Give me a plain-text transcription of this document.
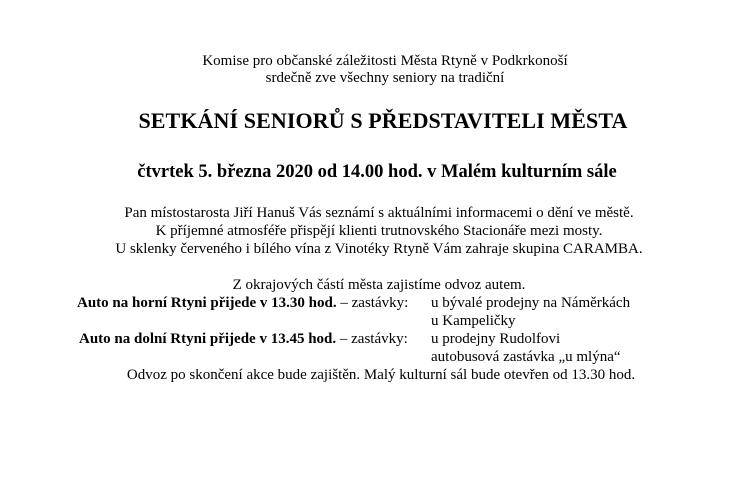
Komise pro občanské záležitosti Města Rtyně v Podkrkonoší
srdečně zve všechny seniory na tradiční
SETKÁNÍ SENIORŮ S PŘEDSTAVITELI MĚSTA
čtvrtek 5. března 2020 od 14.00 hod. v Malém kulturním sále
Pan místostarosta Jiří Hanuš Vás seznámí s aktuálními informacemi o dění ve městě.
K příjemné atmosféře přispějí klienti trutnovského Stacionáře mezi mosty.
U sklenky červeného i bílého vína z Vinotéky Rtyně Vám zahraje skupina CARAMBA.
Z okrajových částí města zajistíme odvoz autem.
Auto na horní Rtyni přijede v 13.30 hod. – zastávky: u bývalé prodejny na Náměrkách
u Kampeličky
Auto na dolní Rtyni přijede v 13.45 hod. – zastávky: u prodejny Rudolfovi
autobusová zastávka „u mlýna“
Odvoz po skončení akce bude zajištěn. Malý kulturní sál bude otevřen od 13.30 hod.
